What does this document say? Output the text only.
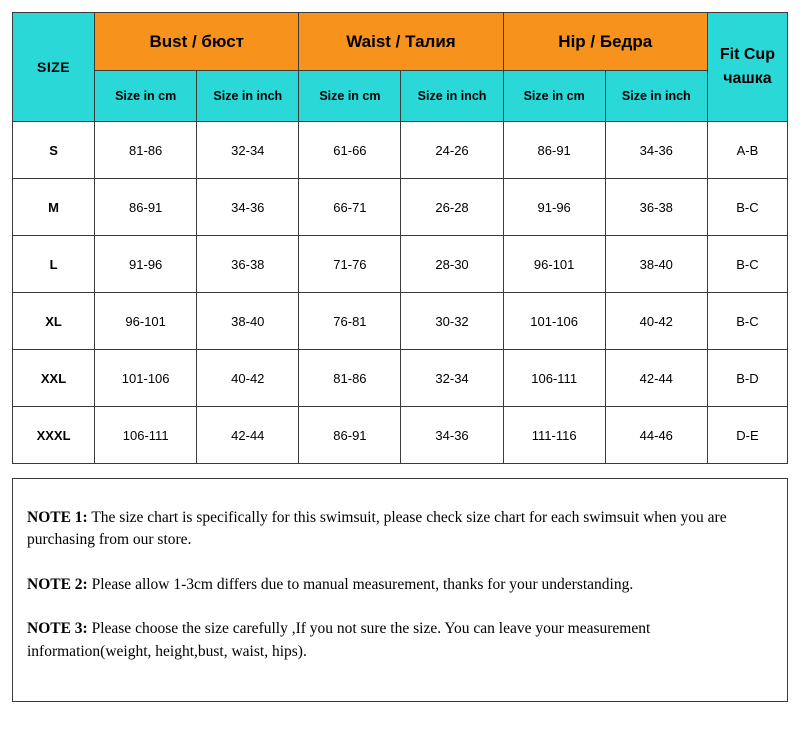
SIZE	Bust / бюст		Waist / Талия		Hip / Бедра		Fit Cup
чашка

	Size in cm	Size in inch	Size in cm	Size in inch	Size in cm	Size in inch	
S	81-86	32-34	61-66	24-26	86-91	34-36	A-B
M	86-91	34-36	66-71	26-28	91-96	36-38	B-C
L	91-96	36-38	71-76	28-30	96-101	38-40	B-C
XL	96-101	38-40	76-81	30-32	101-106	40-42	B-C
XXL	101-106	40-42	81-86	32-34	106-111	42-44	B-D
XXXL	106-111	42-44	86-91	34-36	111-116	44-46	D-E

NOTE 1: The size chart is specifically for this swimsuit, please check size chart for each swimsuit when you are purchasing from our store.

NOTE 2: Please allow 1-3cm differs due to manual measurement, thanks for your understanding.

NOTE 3: Please choose the size carefully ,If you not sure the size. You can leave your measurement information(weight, height,bust, waist, hips).
